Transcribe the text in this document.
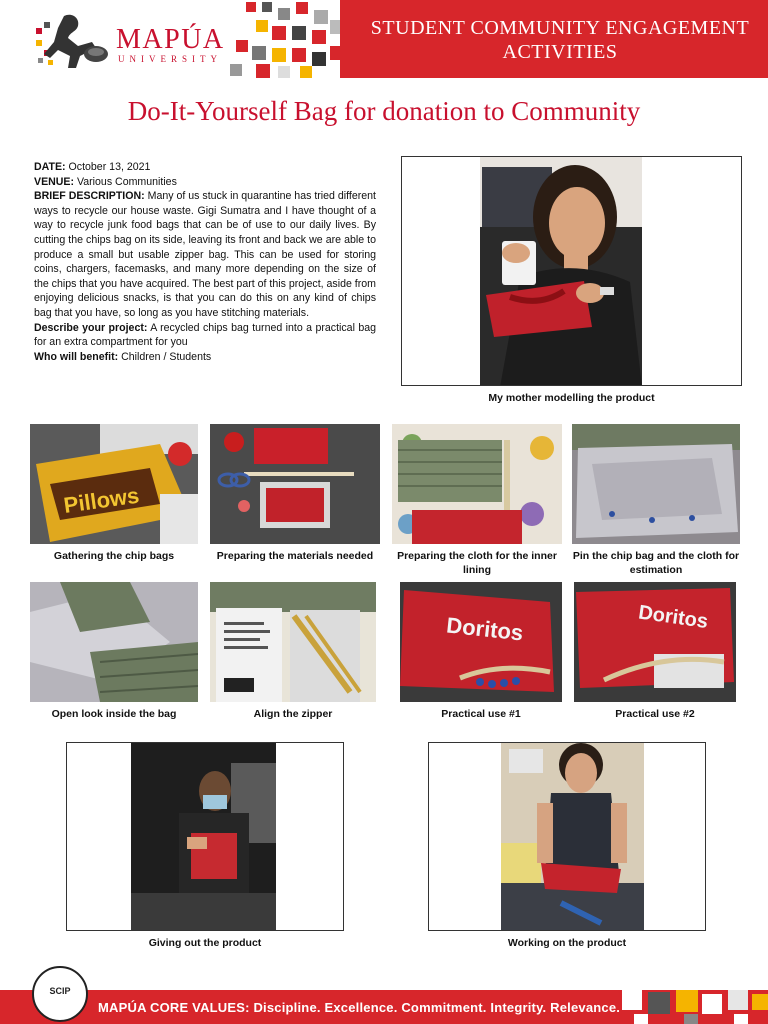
MAPÚA
UNIVERSITY
STUDENT COMMUNITY ENGAGEMENT
ACTIVITIES
Do-It-Yourself Bag for donation to Community
DATE: October 13, 2021
VENUE: Various Communities
BRIEF DESCRIPTION: Many of us stuck in quarantine has tried different ways to recycle our house waste. Gigi Sumatra and I have thought of a way to recycle junk food bags that can be of use to our daily lives. By cutting the chips bag on its side, leaving its front and back we are able to produce a small but usable zipper bag. This can be used for storing coins, chargers, facemasks, and many more depending on the size of the chips that you have acquired. The best part of this project, aside from enjoying delicious snacks, is that you can do this on any kind of chips bag that you have, so long as you have stitching materials.
Describe your project: A recycled chips bag turned into a practical bag for an extra compartment for you
Who will benefit: Children / Students
My mother modelling the product
Pillows
Gathering the chip bags	Preparing the materials needed	Preparing the cloth for the inner lining
Pin the chip bag and the cloth for estimation
Open look inside the bag	Align the zipper
Doritos
Practical use #1
Doritos
Practical use #2
Giving out the product	Working on the product
SCIP
MAPÚA CORE VALUES: Discipline. Excellence. Commitment. Integrity. Relevance.
